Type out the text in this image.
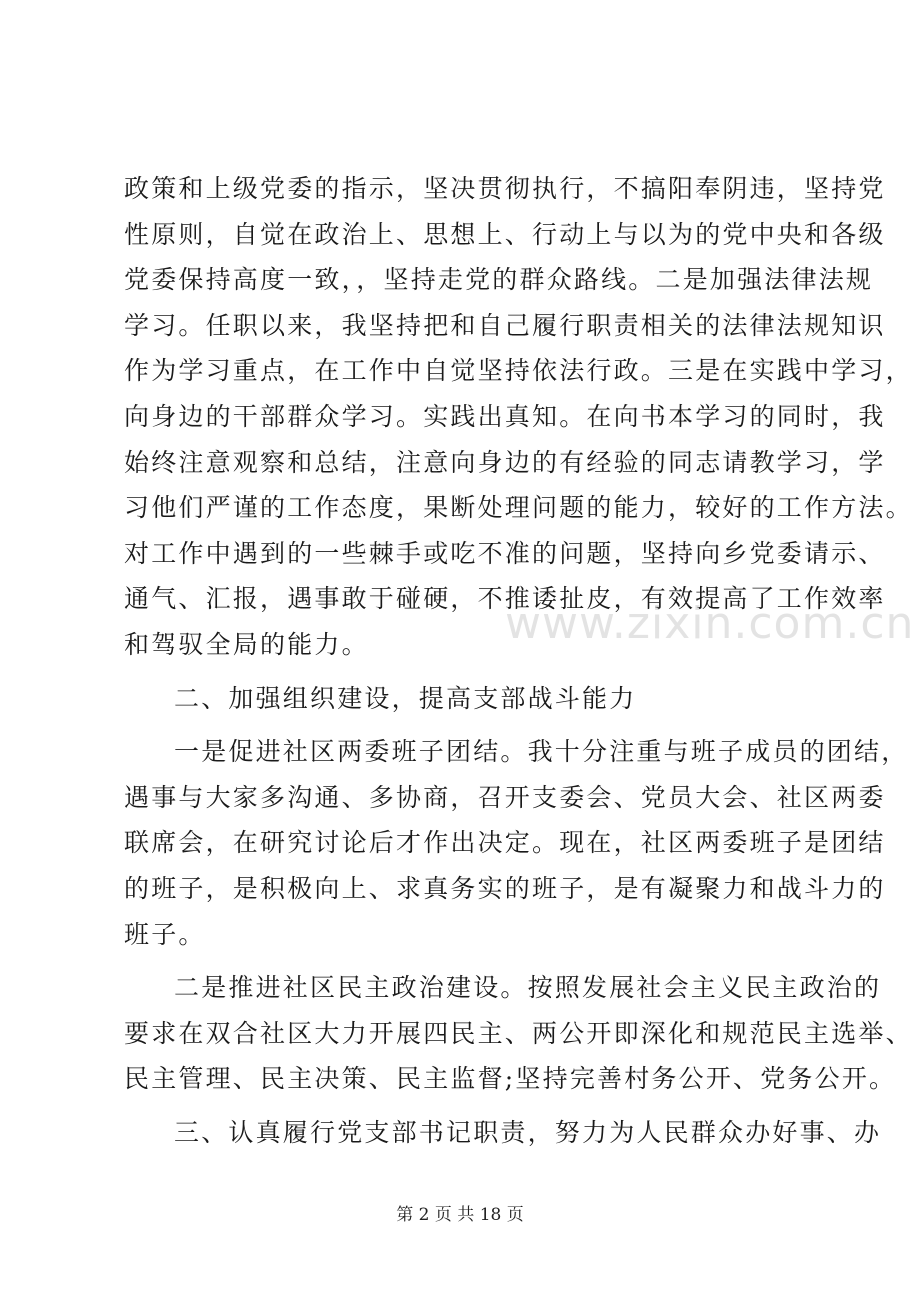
政策和上级党委的指示，坚决贯彻执行，不搞阳奉阴违，坚持党
性原则，自觉在政治上、思想上、行动上与以为的党中央和各级
党委保持高度一致，，坚持走党的群众路线。二是加强法律法规
学习。任职以来，我坚持把和自己履行职责相关的法律法规知识
作为学习重点，在工作中自觉坚持依法行政。三是在实践中学习，
向身边的干部群众学习。实践出真知。在向书本学习的同时，我
始终注意观察和总结，注意向身边的有经验的同志请教学习，学
习他们严谨的工作态度，果断处理问题的能力，较好的工作方法。
对工作中遇到的一些棘手或吃不准的问题，坚持向乡党委请示、
通气、汇报，遇事敢于碰硬，不推诿扯皮，有效提高了工作效率
和驾驭全局的能力。
二、加强组织建设，提高支部战斗能力
一是促进社区两委班子团结。我十分注重与班子成员的团结，
遇事与大家多沟通、多协商，召开支委会、党员大会、社区两委
联席会，在研究讨论后才作出决定。现在，社区两委班子是团结
的班子，是积极向上、求真务实的班子，是有凝聚力和战斗力的
班子。
二是推进社区民主政治建设。按照发展社会主义民主政治的
要求在双合社区大力开展四民主、两公开即深化和规范民主选举、
民主管理、民主决策、民主监督;坚持完善村务公开、党务公开。
三、认真履行党支部书记职责，努力为人民群众办好事、办
www.zixin.com.cn
第 2 页 共 18 页
